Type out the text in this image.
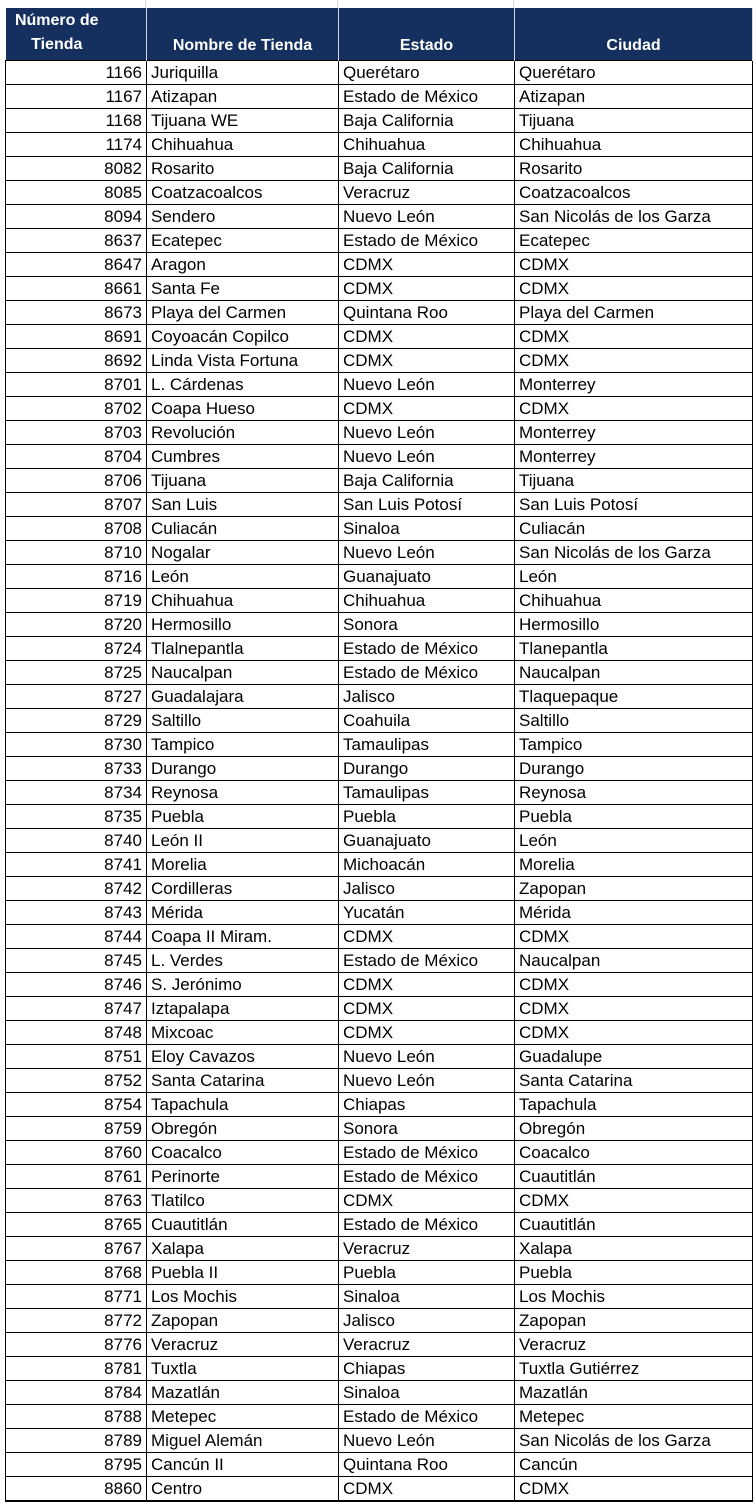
Número de Tienda	Nombre de Tienda	Estado	Ciudad
1166	Juriquilla	Querétaro	Querétaro
1167	Atizapan	Estado de México	Atizapan
1168	Tijuana WE	Baja California	Tijuana
1174	Chihuahua	Chihuahua	Chihuahua
8082	Rosarito	Baja California	Rosarito
8085	Coatzacoalcos	Veracruz	Coatzacoalcos
8094	Sendero	Nuevo León	San Nicolás de los Garza
8637	Ecatepec	Estado de México	Ecatepec
8647	Aragon	CDMX	CDMX
8661	Santa Fe	CDMX	CDMX
8673	Playa del Carmen	Quintana Roo	Playa del Carmen
8691	Coyoacán Copilco	CDMX	CDMX
8692	Linda Vista Fortuna	CDMX	CDMX
8701	L. Cárdenas	Nuevo León	Monterrey
8702	Coapa Hueso	CDMX	CDMX
8703	Revolución	Nuevo León	Monterrey
8704	Cumbres	Nuevo León	Monterrey
8706	Tijuana	Baja California	Tijuana
8707	San Luis	San Luis Potosí	San Luis Potosí
8708	Culiacán	Sinaloa	Culiacán
8710	Nogalar	Nuevo León	San Nicolás de los Garza
8716	León	Guanajuato	León
8719	Chihuahua	Chihuahua	Chihuahua
8720	Hermosillo	Sonora	Hermosillo
8724	Tlalnepantla	Estado de México	Tlanepantla
8725	Naucalpan	Estado de México	Naucalpan
8727	Guadalajara	Jalisco	Tlaquepaque
8729	Saltillo	Coahuila	Saltillo
8730	Tampico	Tamaulipas	Tampico
8733	Durango	Durango	Durango
8734	Reynosa	Tamaulipas	Reynosa
8735	Puebla	Puebla	Puebla
8740	León II	Guanajuato	León
8741	Morelia	Michoacán	Morelia
8742	Cordilleras	Jalisco	Zapopan
8743	Mérida	Yucatán	Mérida
8744	Coapa II Miram.	CDMX	CDMX
8745	L. Verdes	Estado de México	Naucalpan
8746	S. Jerónimo	CDMX	CDMX
8747	Iztapalapa	CDMX	CDMX
8748	Mixcoac	CDMX	CDMX
8751	Eloy Cavazos	Nuevo León	Guadalupe
8752	Santa Catarina	Nuevo León	Santa Catarina
8754	Tapachula	Chiapas	Tapachula
8759	Obregón	Sonora	Obregón
8760	Coacalco	Estado de México	Coacalco
8761	Perinorte	Estado de México	Cuautitlán
8763	Tlatilco	CDMX	CDMX
8765	Cuautitlán	Estado de México	Cuautitlán
8767	Xalapa	Veracruz	Xalapa
8768	Puebla II	Puebla	Puebla
8771	Los Mochis	Sinaloa	Los Mochis
8772	Zapopan	Jalisco	Zapopan
8776	Veracruz	Veracruz	Veracruz
8781	Tuxtla	Chiapas	Tuxtla Gutiérrez
8784	Mazatlán	Sinaloa	Mazatlán
8788	Metepec	Estado de México	Metepec
8789	Miguel Alemán	Nuevo León	San Nicolás de los Garza
8795	Cancún II	Quintana Roo	Cancún
8860	Centro	CDMX	CDMX
